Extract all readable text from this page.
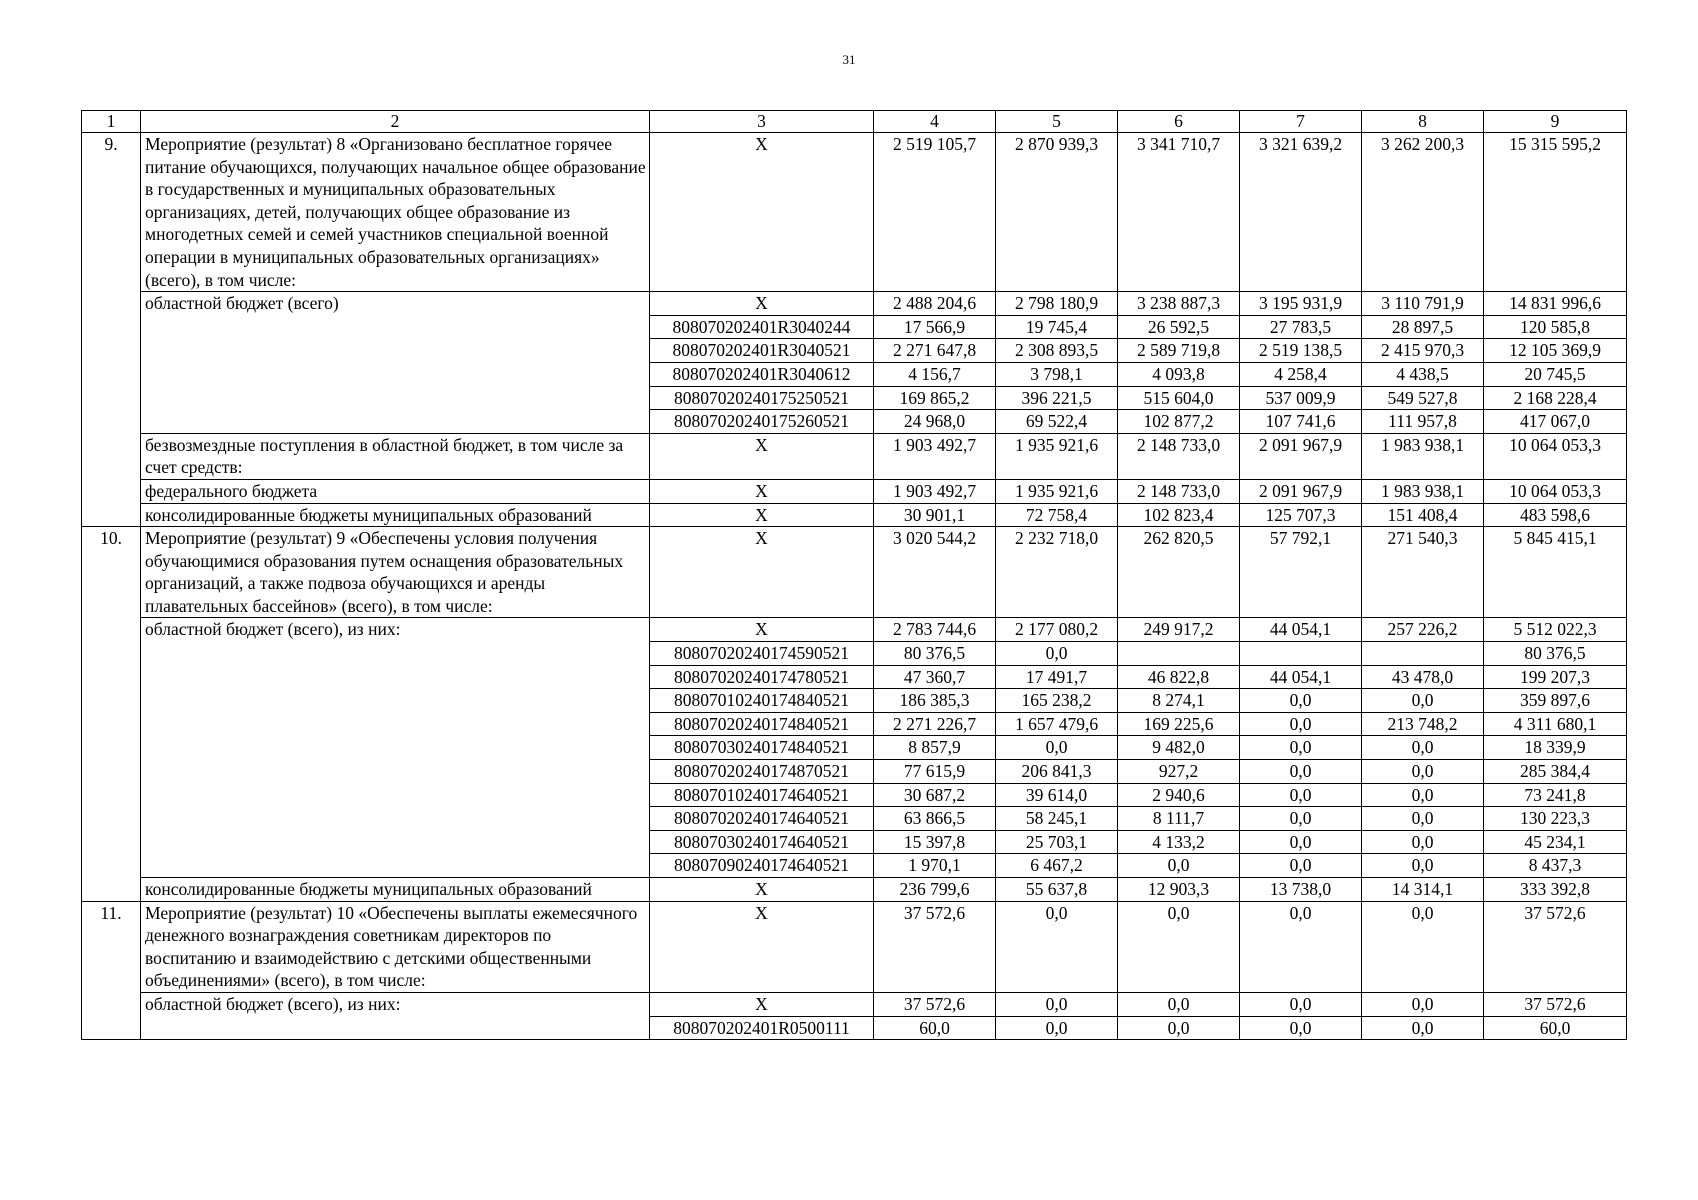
31
1	2	3	4	5	6	7	8	9
9.	Мероприятие (результат) 8 «Организовано бесплатное горячее питание обучающихся, получающих начальное общее образование в государственных и муниципальных образовательных организациях, детей, получающих общее образование из многодетных семей и семей участников специальной военной операции в муниципальных образовательных организациях» (всего), в том числе:	X	2 519 105,7	2 870 939,3	3 341 710,7	3 321 639,2	3 262 200,3	15 315 595,2
	областной бюджет (всего)	X	2 488 204,6	2 798 180,9	3 238 887,3	3 195 931,9	3 110 791,9	14 831 996,6
		808070202401R3040244	17 566,9	19 745,4	26 592,5	27 783,5	28 897,5	120 585,8
		808070202401R3040521	2 271 647,8	2 308 893,5	2 589 719,8	2 519 138,5	2 415 970,3	12 105 369,9
		808070202401R3040612	4 156,7	3 798,1	4 093,8	4 258,4	4 438,5	20 745,5
		80807020240175250521	169 865,2	396 221,5	515 604,0	537 009,9	549 527,8	2 168 228,4
		80807020240175260521	24 968,0	69 522,4	102 877,2	107 741,6	111 957,8	417 067,0
	безвозмездные поступления в областной бюджет, в том числе за счет средств:	X	1 903 492,7	1 935 921,6	2 148 733,0	2 091 967,9	1 983 938,1	10 064 053,3
	федерального бюджета	X	1 903 492,7	1 935 921,6	2 148 733,0	2 091 967,9	1 983 938,1	10 064 053,3
	консолидированные бюджеты муниципальных образований	X	30 901,1	72 758,4	102 823,4	125 707,3	151 408,4	483 598,6
10.	Мероприятие (результат) 9 «Обеспечены условия получения обучающимися образования путем оснащения образовательных организаций, а также подвоза обучающихся и аренды плавательных бассейнов» (всего), в том числе:	X	3 020 544,2	2 232 718,0	262 820,5	57 792,1	271 540,3	5 845 415,1
	областной бюджет (всего), из них:	X	2 783 744,6	2 177 080,2	249 917,2	44 054,1	257 226,2	5 512 022,3
		80807020240174590521	80 376,5	0,0				80 376,5
		80807020240174780521	47 360,7	17 491,7	46 822,8	44 054,1	43 478,0	199 207,3
		80807010240174840521	186 385,3	165 238,2	8 274,1	0,0	0,0	359 897,6
		80807020240174840521	2 271 226,7	1 657 479,6	169 225,6	0,0	213 748,2	4 311 680,1
		80807030240174840521	8 857,9	0,0	9 482,0	0,0	0,0	18 339,9
		80807020240174870521	77 615,9	206 841,3	927,2	0,0	0,0	285 384,4
		80807010240174640521	30 687,2	39 614,0	2 940,6	0,0	0,0	73 241,8
		80807020240174640521	63 866,5	58 245,1	8 111,7	0,0	0,0	130 223,3
		80807030240174640521	15 397,8	25 703,1	4 133,2	0,0	0,0	45 234,1
		80807090240174640521	1 970,1	6 467,2	0,0	0,0	0,0	8 437,3
	консолидированные бюджеты муниципальных образований	X	236 799,6	55 637,8	12 903,3	13 738,0	14 314,1	333 392,8
11.	Мероприятие (результат) 10 «Обеспечены выплаты ежемесячного денежного вознаграждения советникам директоров по воспитанию и взаимодействию с детскими общественными объединениями» (всего), в том числе:	X	37 572,6	0,0	0,0	0,0	0,0	37 572,6
	областной бюджет (всего), из них:	X	37 572,6	0,0	0,0	0,0	0,0	37 572,6
		808070202401R0500111	60,0	0,0	0,0	0,0	0,0	60,0
